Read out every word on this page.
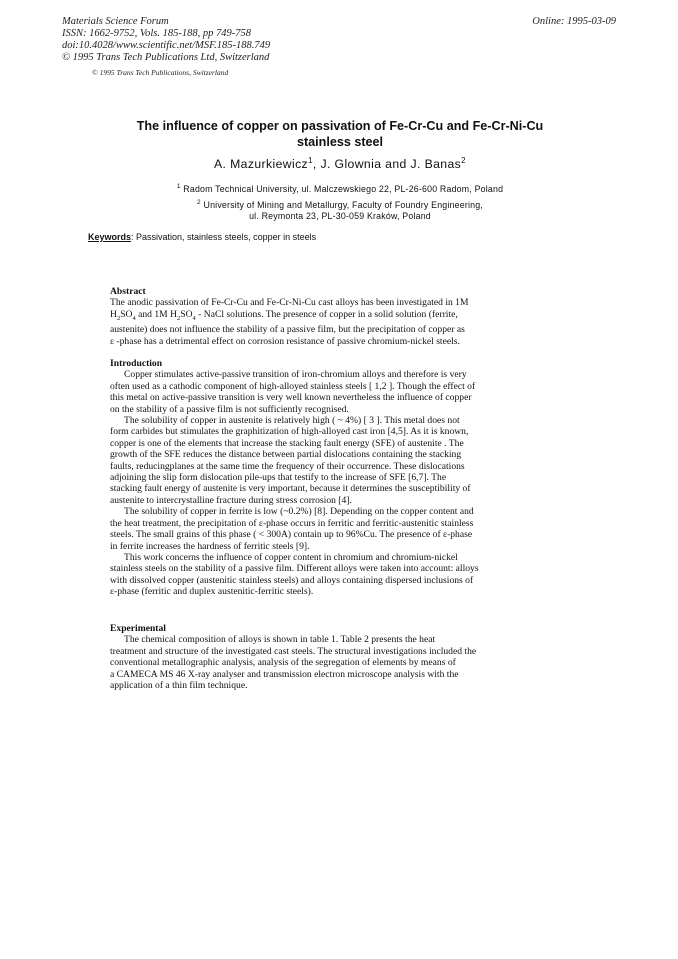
Materials Science Forum
ISSN: 1662-9752, Vols. 185-188, pp 749-758
doi:10.4028/www.scientific.net/MSF.185-188.749
© 1995 Trans Tech Publications Ltd, Switzerland
Online: 1995-03-09
© 1995 Trans Tech Publications, Switzerland
The influence of copper on passivation of Fe-Cr-Cu and Fe-Cr-Ni-Cu
stainless steel
A. Mazurkiewicz$^1$, J. Glownia and J. Banas$^2$
$^1$ Radom Technical University, ul. Malczewskiego 22, PL-26-600 Radom, Poland
$^2$ University of Mining and Metallurgy, Faculty of Foundry Engineering,
ul. Reymonta 23, PL-30-059 Kraków, Poland
Keywords: Passivation, stainless steels, copper in steels
Abstract
The anodic passivation of Fe-Cr-Cu and Fe-Cr-Ni-Cu cast alloys has been investigated in 1M
$H_2SO_4$ and 1M $H_2SO_4$ - NaCl solutions. The presence of copper in a solid solution (ferrite,
austenite) does not influence the stability of a passive film, but the precipitation of copper as
ε -phase has a detrimental effect on corrosion resistance of passive chromium-nickel steels.
Introduction
Copper stimulates active-passive transition of iron-chromium alloys and therefore is very
often used as a cathodic component of high-alloyed stainless steels [ 1,2 ]. Though the effect of
this metal on active-passive transition is very well known nevertheless the influence of copper
on the stability of a passive film is not sufficiently recognised.
The solubility of copper in austenite is relatively high ( ~ 4%) [ 3 ]. This metal does not
form carbides but stimulates the graphitization of high-alloyed cast iron [4,5]. As it is known,
copper is one of the elements that increase the stacking fault energy (SFE) of austenite . The
growth of the SFE reduces the distance between partial dislocations containing the stacking
faults, reducingplanes at the same time the frequency of their occurrence. These dislocations
adjoining the slip form dislocation pile-ups that testify to the increase of SFE [6,7]. The
stacking fault energy of austenite is very important, because it determines the susceptibility of
austenite to intercrystalline fracture during stress corrosion [4].
The solubility of copper in ferrite is low (~0.2%) [8]. Depending on the copper content and
the heat treatment, the precipitation of ε-phase occurs in ferritic and ferritic-austenitic stainless
steels. The small grains of this phase ( < 300A) contain up to 96%Cu. The presence of ε-phase
in ferrite increases the hardness of ferritic steels [9].
This work concerns the influence of copper content in chromium and chromium-nickel
stainless steels on the stability of a passive film. Different alloys were taken into account: alloys
with dissolved copper (austenitic stainless steels) and alloys containing dispersed inclusions of
ε-phase (ferritic and duplex austenitic-ferritic steels).
Experimental
The chemical composition of alloys is shown in table 1. Table 2 presents the heat
treatment and structure of the investigated cast steels. The structural investigations included the
conventional metallographic analysis, analysis of the segregation of elements by means of
a CAMECA MS 46 X-ray analyser and transmission electron microscope analysis with the
application of a thin film technique.
